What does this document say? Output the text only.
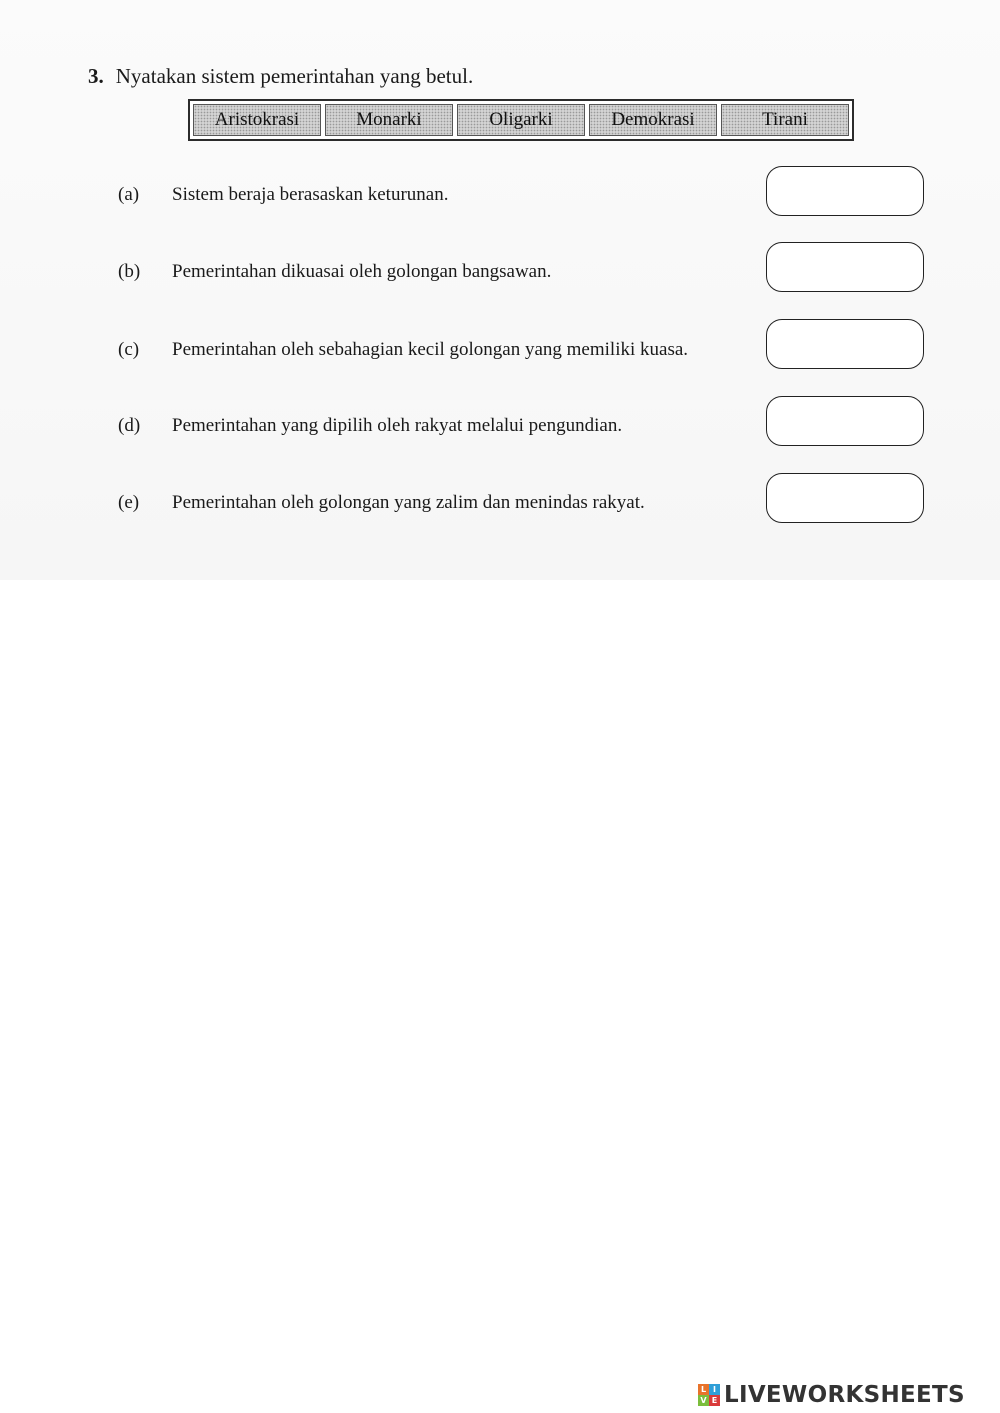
3. Nyatakan sistem pemerintahan yang betul.
Aristokrasi	Monarki	Oligarki	Demokrasi	Tirani
(a)	Sistem beraja berasaskan keturunan.
(b)	Pemerintahan dikuasai oleh golongan bangsawan.
(c)	Pemerintahan oleh sebahagian kecil golongan yang memiliki kuasa.
(d)	Pemerintahan yang dipilih oleh rakyat melalui pengundian.
(e)	Pemerintahan oleh golongan yang zalim dan menindas rakyat.
L I
V E LIVEWORKSHEETS
